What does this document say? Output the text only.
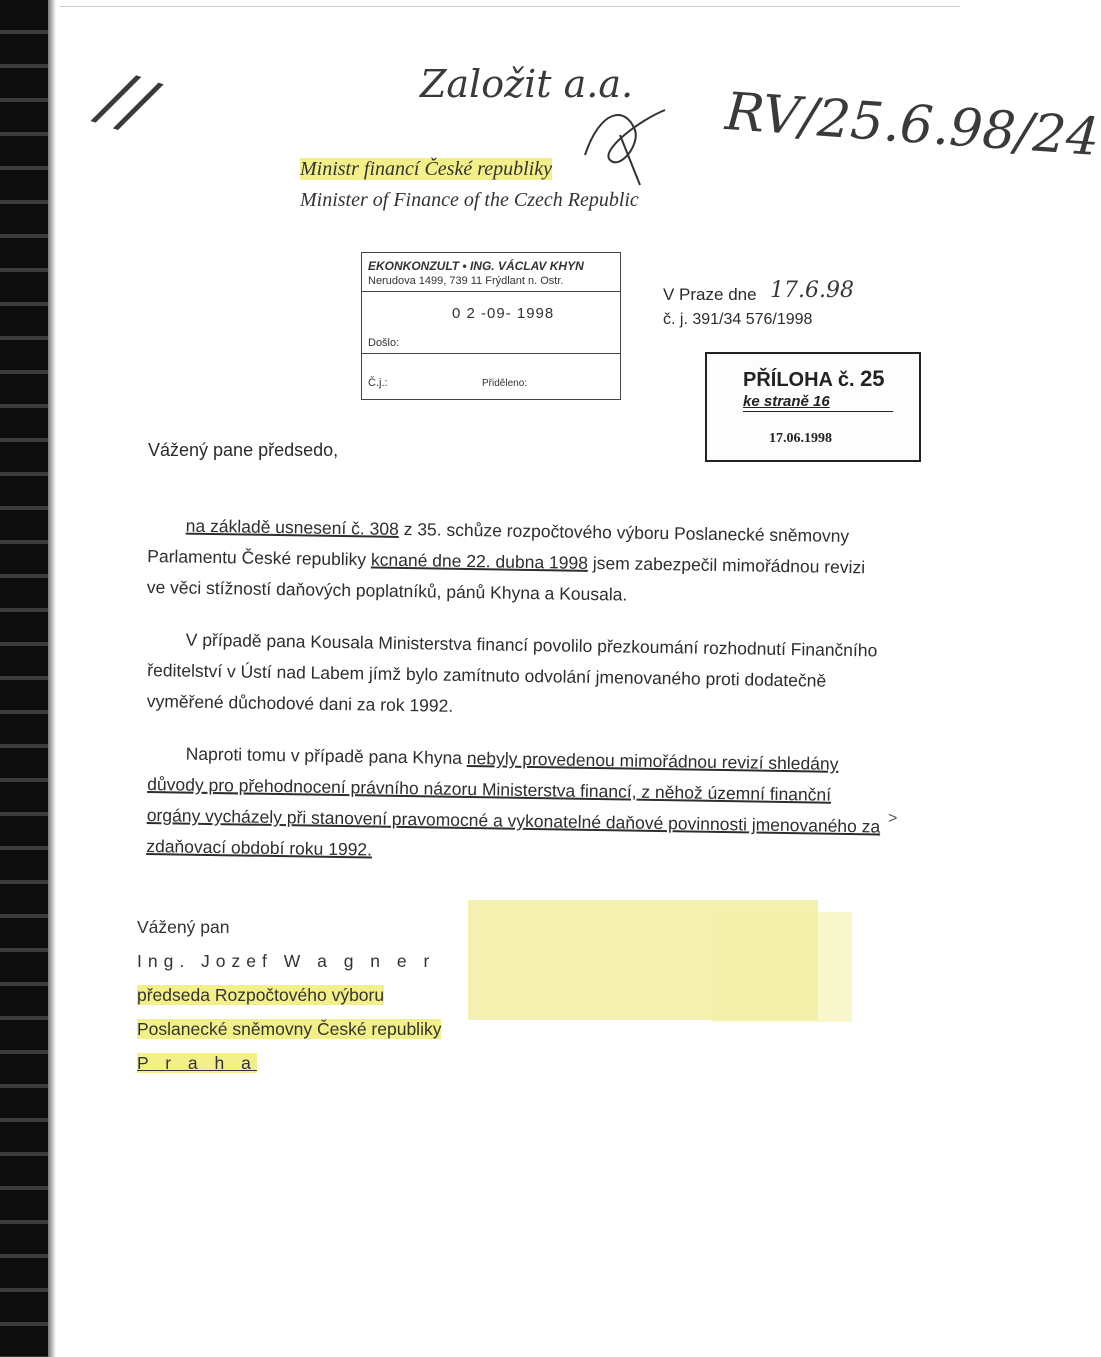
//	Založit a.a. RV/25.6.98/24
Ministr financí České republiky
Minister of Finance of the Czech Republic
EKONKONZULT • ING. VÁCLAV KHYN
Nerudova 1499, 739 11 Frýdlant n. Ostr.
0 2 -09- 1998
Došlo:
Č.j.:	Přiděleno:
V Praze dne 17.6.98
č. j. 391/34 576/1998
PŘÍLOHA č. 25
ke straně 16
17.06.1998
Vážený pane předsedo,
na základě usnesení č. 308 z 35. schůze rozpočtového výboru Poslanecké sněmovny Parlamentu České republiky kcnané dne 22. dubna 1998 jsem zabezpečil mimořádnou revizi ve věci stížností daňových poplatníků, pánů Khyna a Kousala.
V případě pana Kousala Ministerstva financí povolilo přezkoumání rozhodnutí Finančního ředitelství v Ústí nad Labem jímž bylo zamítnuto odvolání jmenovaného proti dodatečně vyměřené důchodové dani za rok 1992.
Naproti tomu v případě pana Khyna nebyly provedenou mimořádnou revizí shledány důvody pro přehodnocení právního názoru Ministerstva financí, z něhož územní finanční orgány vycházely při stanovení pravomocné a vykonatelné daňové povinnosti jmenovaného za zdaňovací období roku 1992.
>
Vážený pan
Ing. Jozef W a g n e r
předseda Rozpočtového výboru
Poslanecké sněmovny České republiky
P r a h a
